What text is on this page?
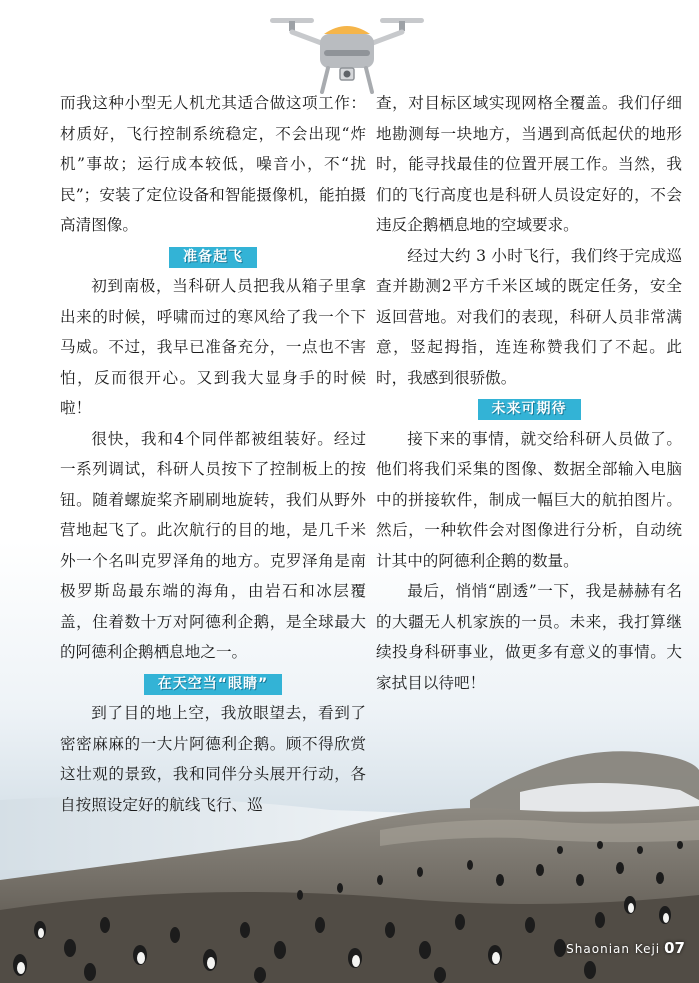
而我这种小型无人机尤其适合做这项工作：材质好，飞行控制系统稳定，不会出现“炸机”事故；运行成本较低，噪音小，不“扰民”；安装了定位设备和智能摄像机，能拍摄高清图像。

准备起飞

初到南极，当科研人员把我从箱子里拿出来的时候，呼啸而过的寒风给了我一个下马威。不过，我早已准备充分，一点也不害怕，反而很开心。又到我大显身手的时候啦！

很快，我和4个同伴都被组装好。经过一系列调试，科研人员按下了控制板上的按钮。随着螺旋桨齐刷刷地旋转，我们从野外营地起飞了。此次航行的目的地，是几千米外一个名叫克罗泽角的地方。克罗泽角是南极罗斯岛最东端的海角，由岩石和冰层覆盖，住着数十万对阿德利企鹅，是全球最大的阿德利企鹅栖息地之一。

在天空当“眼睛”

到了目的地上空，我放眼望去，看到了密密麻麻的一大片阿德利企鹅。顾不得欣赏这壮观的景致，我和同伴分头展开行动，各自按照设定好的航线飞行、巡

查，对目标区域实现网格全覆盖。我们仔细地勘测每一块地方，当遇到高低起伏的地形时，能寻找最佳的位置开展工作。当然，我们的飞行高度也是科研人员设定好的，不会违反企鹅栖息地的空域要求。

经过大约 3 小时飞行，我们终于完成巡查并勘测2平方千米区域的既定任务，安全返回营地。对我们的表现，科研人员非常满意，竖起拇指，连连称赞我们了不起。此时，我感到很骄傲。

未来可期待

接下来的事情，就交给科研人员做了。他们将我们采集的图像、数据全部输入电脑中的拼接软件，制成一幅巨大的航拍图片。然后，一种软件会对图像进行分析，自动统计其中的阿德利企鹅的数量。

最后，悄悄“剧透”一下，我是赫赫有名的大疆无人机家族的一员。未来，我打算继续投身科研事业，做更多有意义的事情。大家拭目以待吧！

Shaonian Keji 07
